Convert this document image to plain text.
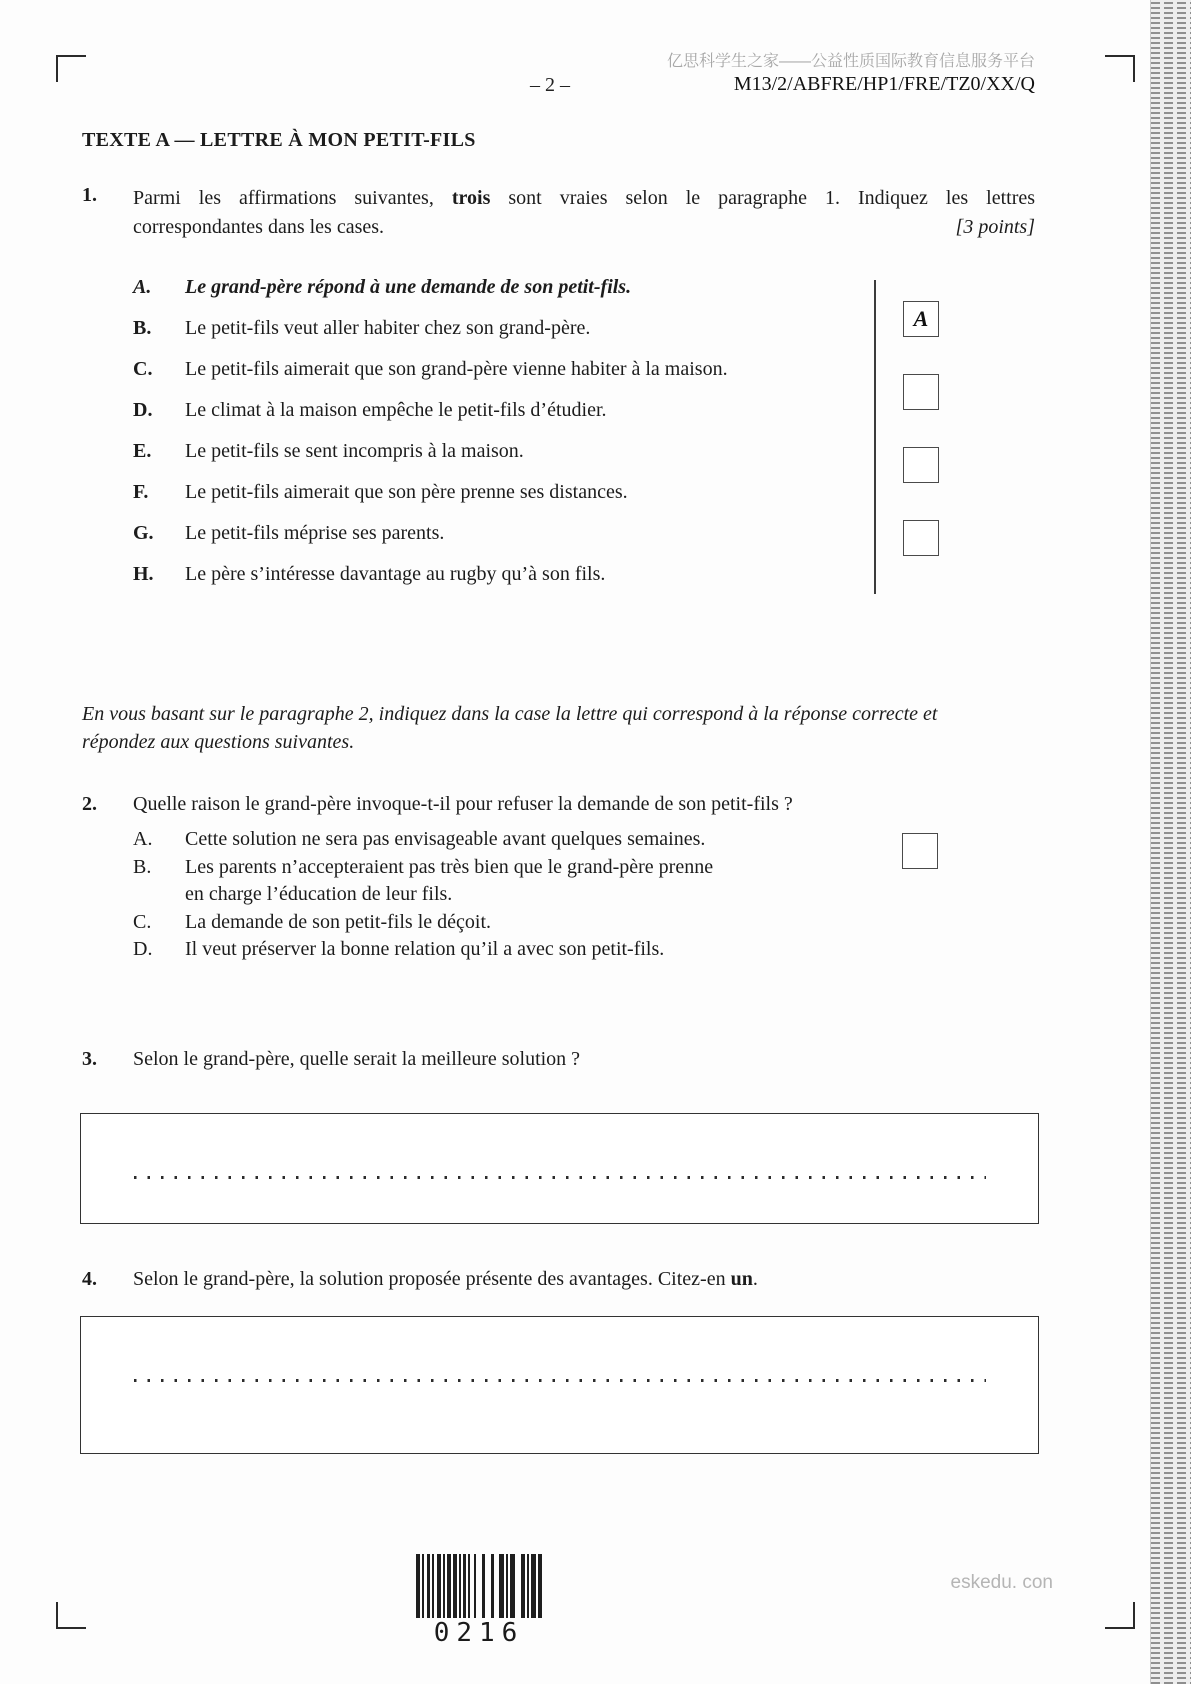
亿思科学生之家——公益性质国际教育信息服务平台
– 2 –	M13/2/ABFRE/HP1/FRE/TZ0/XX/Q
TEXTE A — LETTRE À MON PETIT-FILS
1. Parmi les affirmations suivantes, trois sont vraies selon le paragraphe 1. Indiquez les lettres
correspondantes dans les cases.	[3 points]
A.	Le grand-père répond à une demande de son petit-fils.
B.	Le petit-fils veut aller habiter chez son grand-père.
C.	Le petit-fils aimerait que son grand-père vienne habiter à la maison.
D.	Le climat à la maison empêche le petit-fils d’étudier.
E.	Le petit-fils se sent incompris à la maison.
F.	Le petit-fils aimerait que son père prenne ses distances.
G.	Le petit-fils méprise ses parents.
H.	Le père s’intéresse davantage au rugby qu’à son fils.
A
En vous basant sur le paragraphe 2, indiquez dans la case la lettre qui correspond à la réponse correcte et
répondez aux questions suivantes.
2. Quelle raison le grand-père invoque-t-il pour refuser la demande de son petit-fils ?
A.	Cette solution ne sera pas envisageable avant quelques semaines.
B.	Les parents n’accepteraient pas très bien que le grand-père prenne
en charge l’éducation de leur fils.
C.	La demande de son petit-fils le déçoit.
D.	Il veut préserver la bonne relation qu’il a avec son petit-fils.
3. Selon le grand-père, quelle serait la meilleure solution ?
4. Selon le grand-père, la solution proposée présente des avantages. Citez-en un.
0216
eskedu. con
